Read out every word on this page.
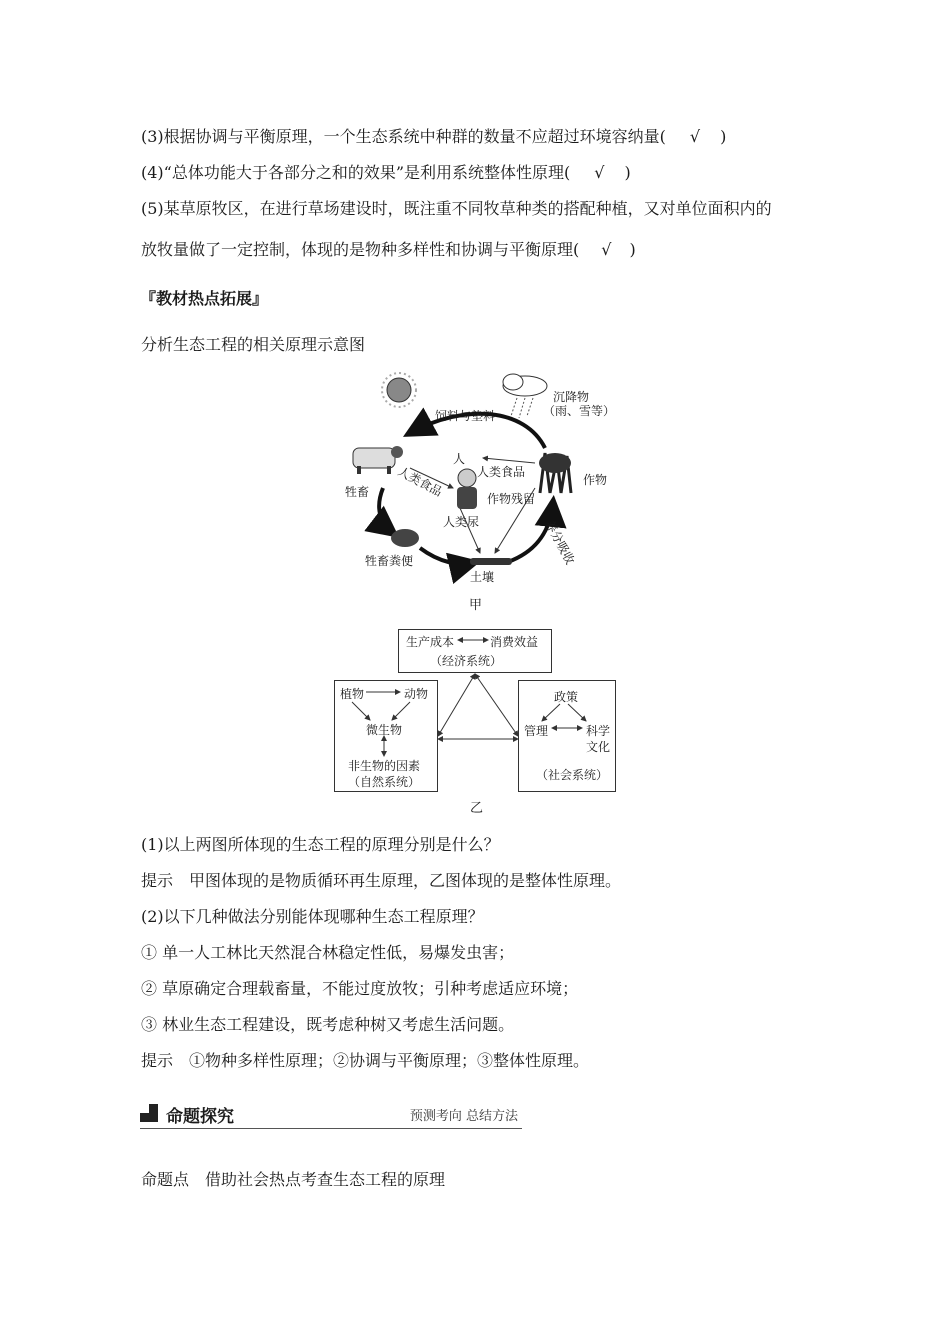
(3)根据协调与平衡原理，一个生态系统中种群的数量不应超过环境容纳量( √ )
(4)“总体功能大于各部分之和的效果”是利用系统整体性原理( √ )
(5)某草原牧区，在进行草场建设时，既注重不同牧草种类的搭配种植，又对单位面积内的
放牧量做了一定控制，体现的是物种多样性和协调与平衡原理( √ )
『教材热点拓展』
分析生态工程的相关原理示意图
饲料与垫料
沉降物
（雨、雪等）
牲畜
人
人类食品
人类食品	作物
作物残留
人类尿
牲畜粪便
土壤
养分吸收
甲
生产成本	消费效益
（经济系统）
植物	动物
微生物
非生物的因素
（自然系统）
政策
管理	科学
文化
（社会系统）
乙
(1)以上两图所体现的生态工程的原理分别是什么？
提示　甲图体现的是物质循环再生原理，乙图体现的是整体性原理。
(2)以下几种做法分别能体现哪种生态工程原理？
① 单一人工林比天然混合林稳定性低，易爆发虫害；
② 草原确定合理载畜量，不能过度放牧；引种考虑适应环境；
③ 林业生态工程建设，既考虑种树又考虑生活问题。
提示　①物种多样性原理；②协调与平衡原理；③整体性原理。
命题探究	预测考向 总结方法
命题点　借助社会热点考查生态工程的原理
